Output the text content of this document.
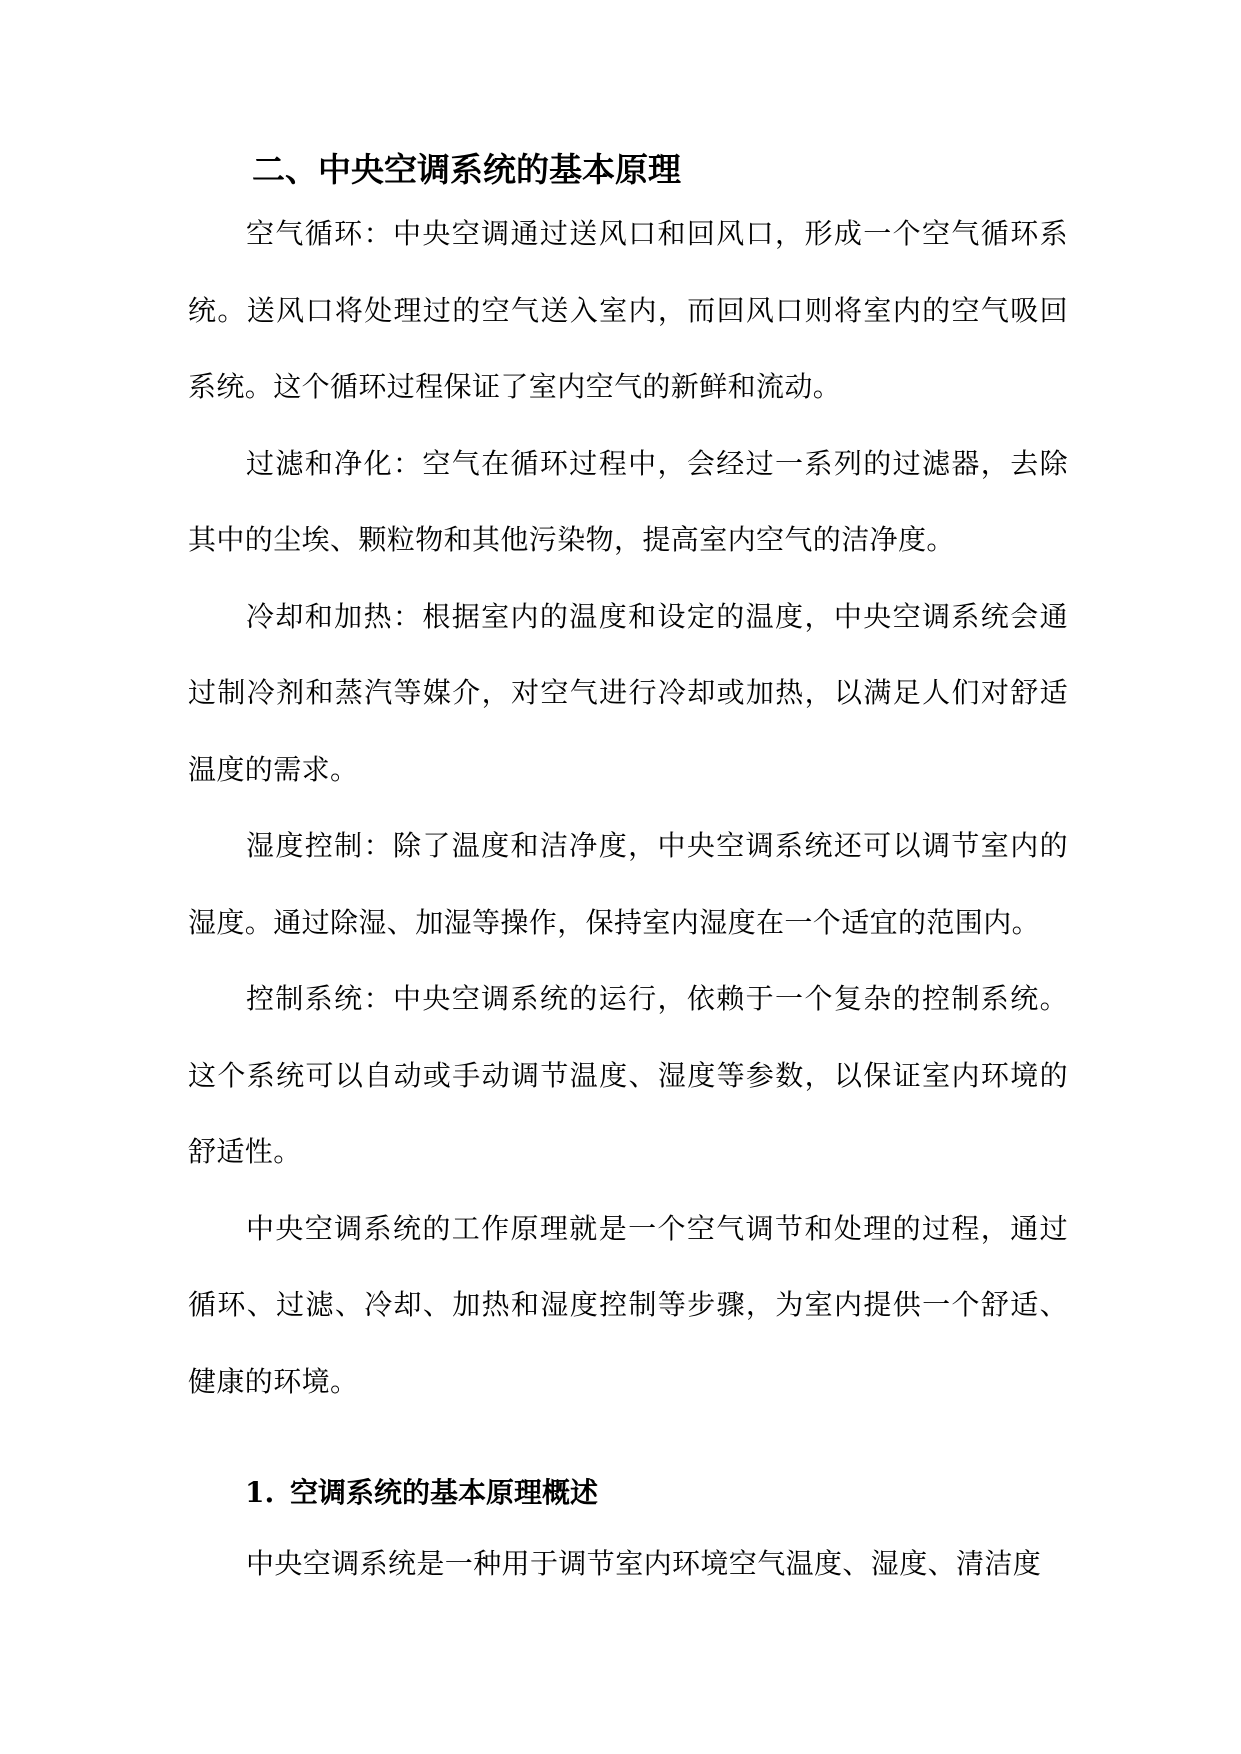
二、中央空调系统的基本原理

空气循环：中央空调通过送风口和回风口，形成一个空气循环系统。送风口将处理过的空气送入室内，而回风口则将室内的空气吸回系统。这个循环过程保证了室内空气的新鲜和流动。

过滤和净化：空气在循环过程中，会经过一系列的过滤器，去除其中的尘埃、颗粒物和其他污染物，提高室内空气的洁净度。

冷却和加热：根据室内的温度和设定的温度，中央空调系统会通过制冷剂和蒸汽等媒介，对空气进行冷却或加热，以满足人们对舒适温度的需求。

湿度控制：除了温度和洁净度，中央空调系统还可以调节室内的湿度。通过除湿、加湿等操作，保持室内湿度在一个适宜的范围内。

控制系统：中央空调系统的运行，依赖于一个复杂的控制系统。这个系统可以自动或手动调节温度、湿度等参数，以保证室内环境的舒适性。

中央空调系统的工作原理就是一个空气调节和处理的过程，通过循环、过滤、冷却、加热和湿度控制等步骤，为室内提供一个舒适、健康的环境。

1. 空调系统的基本原理概述

中央空调系统是一种用于调节室内环境空气温度、湿度、清洁度
